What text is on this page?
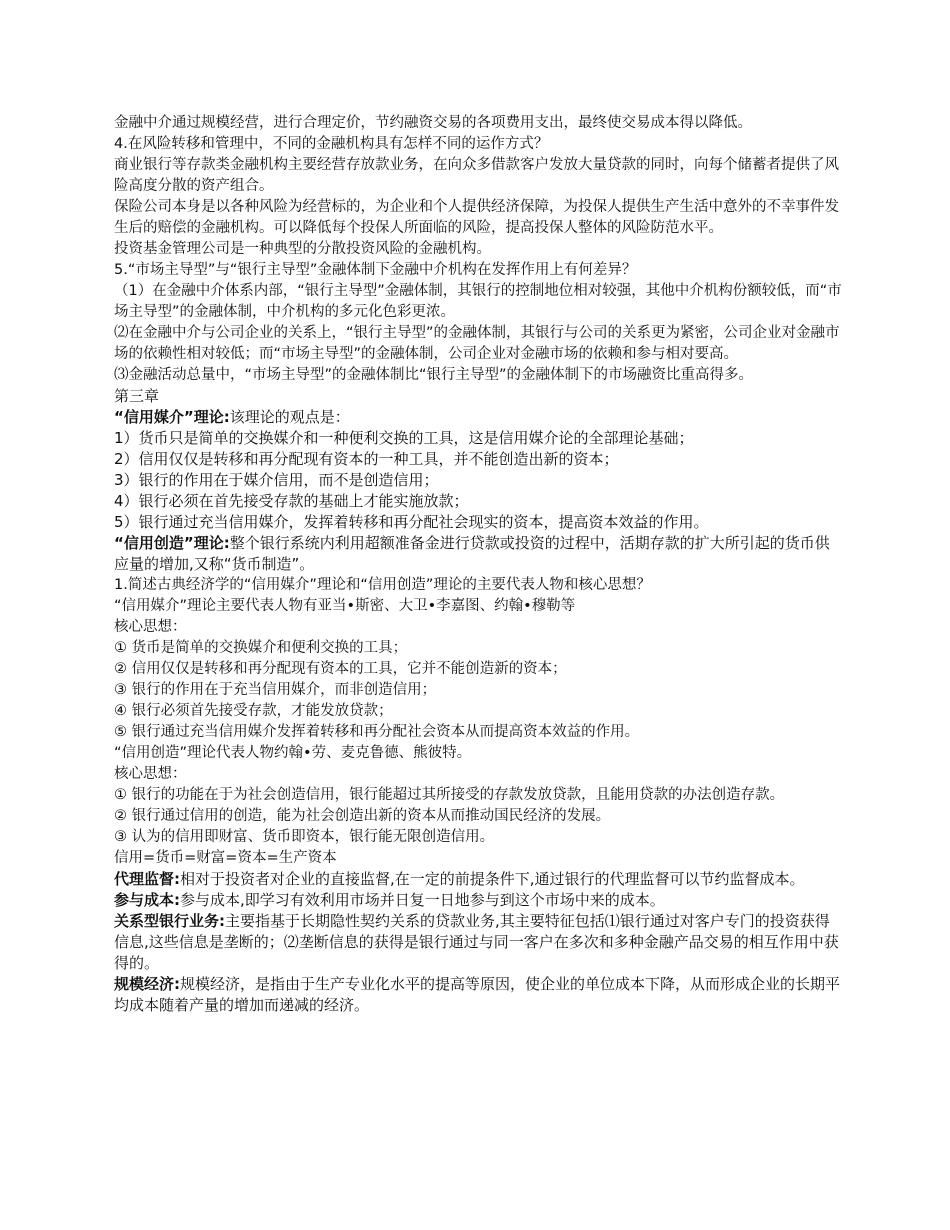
金融中介通过规模经营，进行合理定价，节约融资交易的各项费用支出，最终使交易成本得以降低。

4.在风险转移和管理中，不同的金融机构具有怎样不同的运作方式？

商业银行等存款类金融机构主要经营存放款业务，在向众多借款客户发放大量贷款的同时，向每个储蓄者提供了风险高度分散的资产组合。

保险公司本身是以各种风险为经营标的，为企业和个人提供经济保障，为投保人提供生产生活中意外的不幸事件发生后的赔偿的金融机构。可以降低每个投保人所面临的风险，提高投保人整体的风险防范水平。

投资基金管理公司是一种典型的分散投资风险的金融机构。

5.“市场主导型”与“银行主导型”金融体制下金融中介机构在发挥作用上有何差异？

（1）在金融中介体系内部，“银行主导型”金融体制，其银行的控制地位相对较强，其他中介机构份额较低，而“市场主导型”的金融体制，中介机构的多元化色彩更浓。

⑵在金融中介与公司企业的关系上，“银行主导型”的金融体制，其银行与公司的关系更为紧密，公司企业对金融市场的依赖性相对较低；而“市场主导型”的金融体制，公司企业对金融市场的依赖和参与相对要高。

⑶金融活动总量中，“市场主导型”的金融体制比“银行主导型”的金融体制下的市场融资比重高得多。

第三章

“信用媒介”理论:该理论的观点是：

1）货币只是简单的交换媒介和一种便利交换的工具，这是信用媒介论的全部理论基础；

2）信用仅仅是转移和再分配现有资本的一种工具，并不能创造出新的资本；

3）银行的作用在于媒介信用，而不是创造信用；

4）银行必须在首先接受存款的基础上才能实施放款；

5）银行通过充当信用媒介，发挥着转移和再分配社会现实的资本，提高资本效益的作用。

“信用创造”理论:整个银行系统内利用超额准备金进行贷款或投资的过程中，活期存款的扩大所引起的货币供应量的增加,又称“货币制造”。

1.简述古典经济学的“信用媒介”理论和“信用创造”理论的主要代表人物和核心思想？

“信用媒介”理论主要代表人物有亚当•斯密、大卫•李嘉图、约翰•穆勒等

核心思想：

① 货币是简单的交换媒介和便利交换的工具；

② 信用仅仅是转移和再分配现有资本的工具，它并不能创造新的资本；

③ 银行的作用在于充当信用媒介，而非创造信用；

④ 银行必须首先接受存款，才能发放贷款；

⑤ 银行通过充当信用媒介发挥着转移和再分配社会资本从而提高资本效益的作用。

“信用创造”理论代表人物约翰•劳、麦克鲁德、熊彼特。

核心思想：

① 银行的功能在于为社会创造信用，银行能超过其所接受的存款发放贷款，且能用贷款的办法创造存款。

② 银行通过信用的创造，能为社会创造出新的资本从而推动国民经济的发展。

③ 认为的信用即财富、货币即资本，银行能无限创造信用。

信用=货币=财富=资本=生产资本

代理监督:相对于投资者对企业的直接监督,在一定的前提条件下,通过银行的代理监督可以节约监督成本。

参与成本:参与成本,即学习有效利用市场并日复一日地参与到这个市场中来的成本。

关系型银行业务:主要指基于长期隐性契约关系的贷款业务,其主要特征包括⑴银行通过对客户专门的投资获得信息,这些信息是垄断的；⑵垄断信息的获得是银行通过与同一客户在多次和多种金融产品交易的相互作用中获得的。

规模经济:规模经济，是指由于生产专业化水平的提高等原因，使企业的单位成本下降，从而形成企业的长期平均成本随着产量的增加而递减的经济。
